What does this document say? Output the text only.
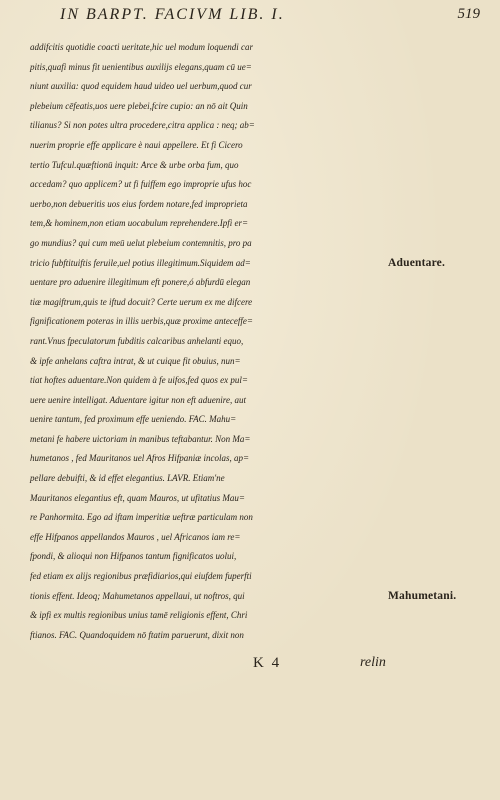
IN BARPT. FACIVM LIB. I.	519
addifcitis quotidie coacti ueritate,hic uel modum loquendi car
pitis,quafi minus fit uenientibus auxilijs elegans,quam cū ue=
niunt auxilia: quod equidem haud uideo uel uerbum,quod cur
plebeium cēfeatis,uos uere plebei,fcire cupio: an nō ait Quin
tilianus? Si non potes ultra procedere,citra applica : neq; ab=
nuerim proprie effe applicare è naui appellere. Et fi Cicero
tertio Tufcul.quæftionū inquit: Arce & urbe orba fum, quo
accedam? quo applicem? ut fi fuiffem ego improprie ufus hoc
uerbo,non debueritis uos eius fordem notare,fed improprieta
tem,& hominem,non etiam uocabulum reprehendere.Ipfi er=
go mundius? qui cum meū uelut plebeium contemnitis, pro pa
tricio fubftituiftis feruile,uel potius illegitimum.Siquidem ad=
uentare pro aduenire illegitimum eft ponere,ó abfurdū elegan
tiæ magiftrum,quis te iftud docuit? Certe uerum ex me difcere
fignificationem poteras in illis uerbis,quæ proxime anteceffe=
rant.Vnus fpeculatorum fubditis calcaribus anhelanti equo,
& ipfe anhelans caftra intrat, & ut cuique fit obuius, nun=
tiat hoftes aduentare.Non quidem à fe uifos,fed quos ex pul=
uere uenire intelligat. Aduentare igitur non eft aduenire, aut
uenire tantum, fed proximum effe ueniendo. FAC. Mahu=
metani fe habere uictoriam in manibus teftabantur. Non Ma=
humetanos , fed Mauritanos uel Afros Hifpaniæ incolas, ap=
pellare debuifti, & id effet elegantius. LAVR. Etiam'ne
Mauritanos elegantius eft, quam Mauros, ut ufitatius Mau=
re Panhormita. Ego ad iftam imperitiæ ueftræ particulam non
effe Hifpanos appellandos Mauros , uel Africanos iam re=
fpondi, & alioqui non Hifpanos tantum fignificatos uolui,
fed etiam ex alijs regionibus præfidiarios,qui eiufdem fuperfti
tionis effent. Ideoq; Mahumetanos appellaui, ut noftros, qui
& ipfi ex multis regionibus unius tamē religionis effent, Chri
ftianos. FAC. Quandoquidem nō ftatim paruerunt, dixit non
Aduentare.
Mahumetani.
K 4	relin
